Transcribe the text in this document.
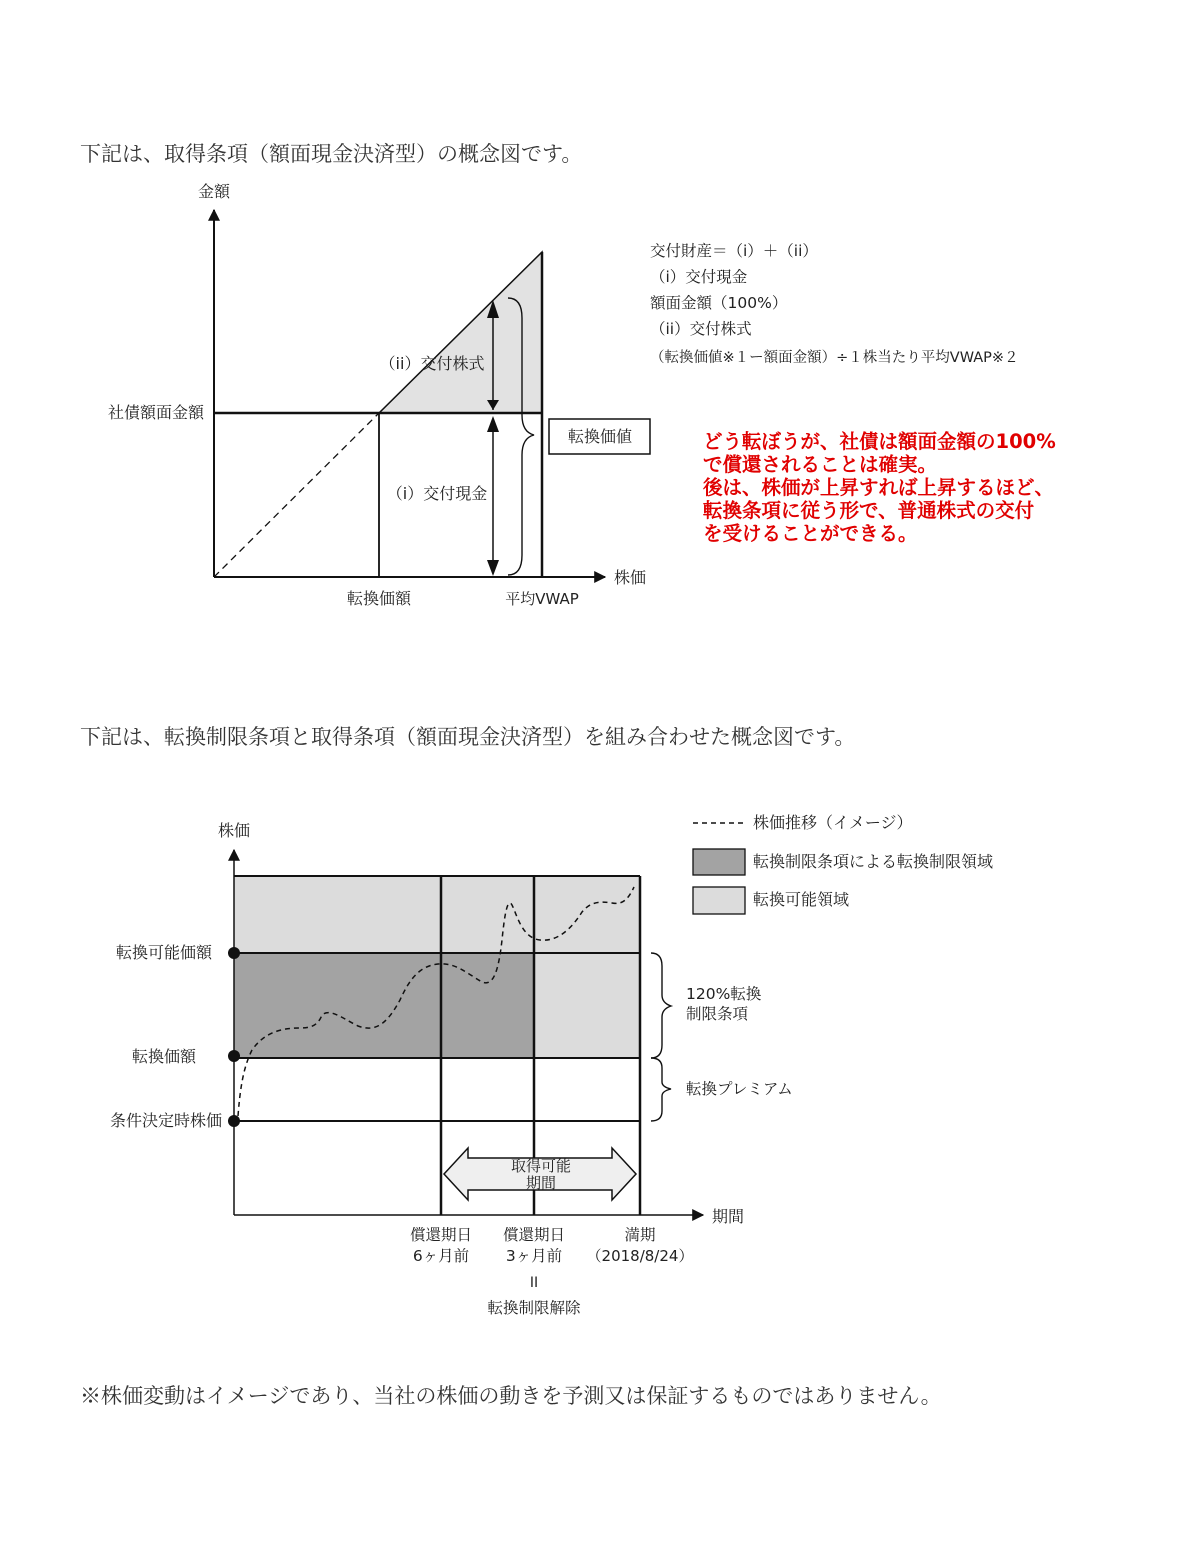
下記は、取得条項（額面現金決済型）の概念図です。
下記は、転換制限条項と取得条項（額面現金決済型）を組み合わせた概念図です。
※株価変動はイメージであり、当社の株価の動きを予測又は保証するものではありません。
金額
株価
社債額面金額
転換価額	平均VWAP
（ii）交付株式
（i）交付現金
転換価値
交付財産＝（i）＋（ii）
（i）交付現金
額面金額（100%）
（ii）交付株式
（転換価値※１ー額面金額）÷１株当たり平均VWAP※２
取得可能
期間
株価
期間
転換可能価額
転換価額
条件決定時株価
120%転換
制限条項
転換プレミアム
償還期日
6ヶ月前
償還期日
3ヶ月前
満期
（2018/8/24）
II
転換制限解除
株価推移（イメージ）
転換制限条項による転換制限領域
転換可能領域
どう転ぼうが、社債は額面金額の100%
で償還されることは確実。
後は、株価が上昇すれば上昇するほど、
転換条項に従う形で、普通株式の交付
を受けることができる。
